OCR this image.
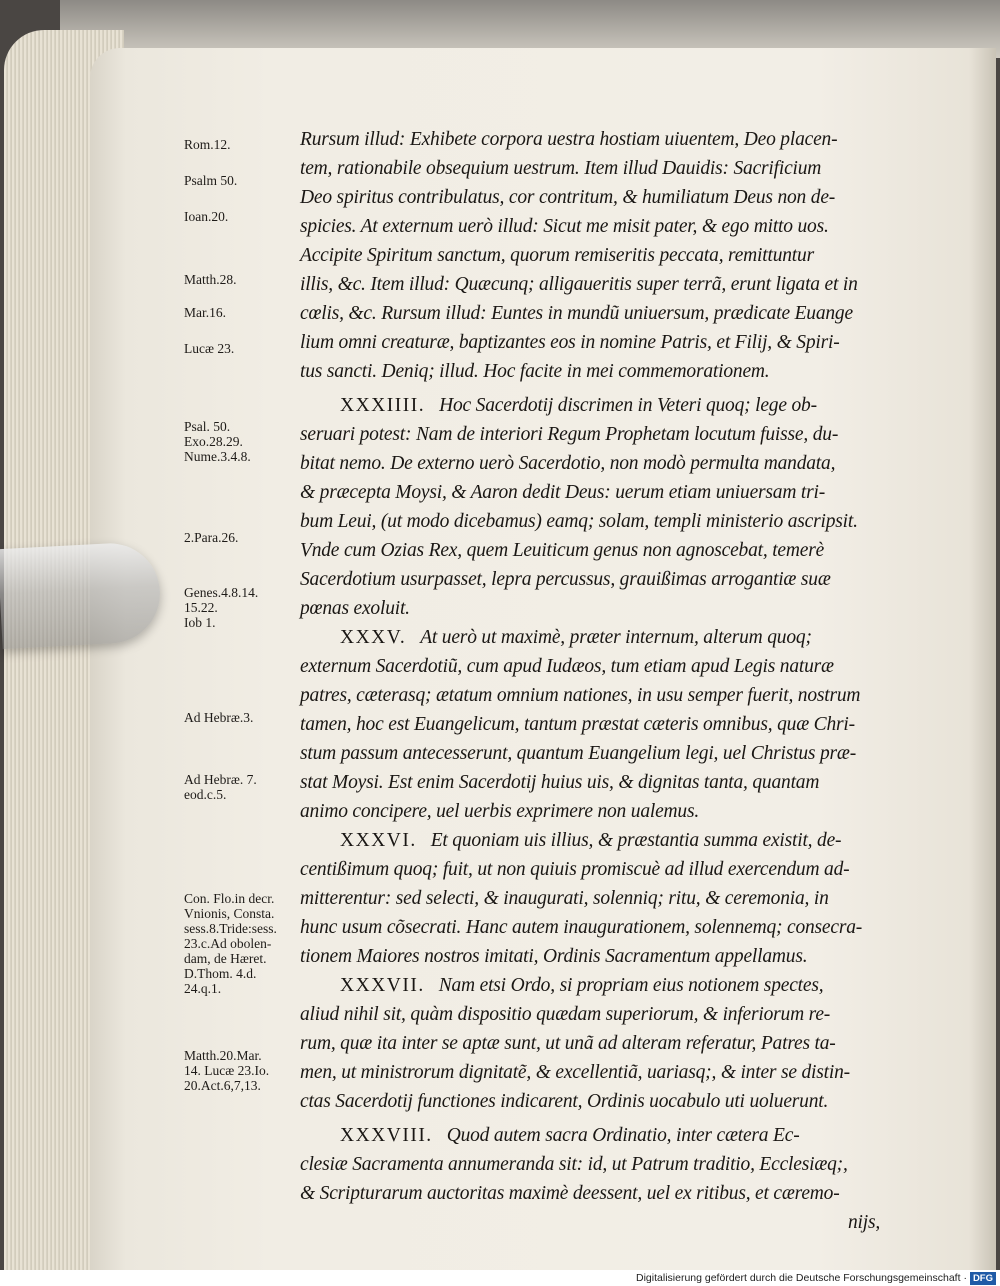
Rom.12.
Psalm 50.
Ioan.20.
Matth.28.
Mar.16.
Lucæ 23.
Psal. 50.
Exo.28.29.
Nume.3.4.8.
2.Para.26.
Genes.4.8.14.
15.22.
Iob 1.
Ad Hebræ.3.
Ad Hebræ. 7.
eod.c.5.
Con. Flo.in decr.
Vnionis, Consta.
sess.8.Tride:sess.
23.c.Ad obolen-
dam, de Hæret.
D.Thom. 4.d.
24.q.1.
Matth.20.Mar.
14. Lucæ 23.Io.
20.Act.6,7,13.
Rursum illud: Exhibete corpora uestra hostiam uiuentem, Deo placen-
tem, rationabile obsequium uestrum. Item illud Dauidis: Sacrificium
Deo spiritus contribulatus, cor contritum, & humiliatum Deus non de-
spicies. At externum uerò illud: Sicut me misit pater, & ego mitto uos.
Accipite Spiritum sanctum, quorum remiseritis peccata, remittuntur
illis, &c. Item illud: Quæcunq; alligaueritis super terrã, erunt ligata et in
cœlis, &c. Rursum illud: Euntes in mundũ uniuersum, prædicate Euange
lium omni creaturæ, baptizantes eos in nomine Patris, et Filij, & Spiri-
tus sancti. Deniq; illud. Hoc facite in mei commemorationem.
XXXIIII. Hoc Sacerdotij discrimen in Veteri quoq; lege ob-
seruari potest: Nam de interiori Regum Prophetam locutum fuisse, du-
bitat nemo. De externo uerò Sacerdotio, non modò permulta mandata,
& præcepta Moysi, & Aaron dedit Deus: uerum etiam uniuersam tri-
bum Leui, (ut modo dicebamus) eamq; solam, templi ministerio ascripsit.
Vnde cum Ozias Rex, quem Leuiticum genus non agnoscebat, temerè
Sacerdotium usurpasset, lepra percussus, grauißimas arrogantiæ suæ
pœnas exoluit.
XXXV. At uerò ut maximè, præter internum, alterum quoq;
externum Sacerdotiũ, cum apud Iudæos, tum etiam apud Legis naturæ
patres, cæterasq; ætatum omnium nationes, in usu semper fuerit, nostrum
tamen, hoc est Euangelicum, tantum præstat cæteris omnibus, quæ Chri-
stum passum antecesserunt, quantum Euangelium legi, uel Christus præ-
stat Moysi. Est enim Sacerdotij huius uis, & dignitas tanta, quantam
animo concipere, uel uerbis exprimere non ualemus.
XXXVI. Et quoniam uis illius, & præstantia summa existit, de-
centißimum quoq; fuit, ut non quiuis promiscuè ad illud exercendum ad-
mitterentur: sed selecti, & inaugurati, solenniq; ritu, & ceremonia, in
hunc usum cõsecrati. Hanc autem inaugurationem, solennemq; consecra-
tionem Maiores nostros imitati, Ordinis Sacramentum appellamus.
XXXVII. Nam etsi Ordo, si propriam eius notionem spectes,
aliud nihil sit, quàm dispositio quædam superiorum, & inferiorum re-
rum, quæ ita inter se aptæ sunt, ut unã ad alteram referatur, Patres ta-
men, ut ministrorum dignitatẽ, & excellentiã, uariasq;, & inter se distin-
ctas Sacerdotij functiones indicarent, Ordinis uocabulo uti uoluerunt.
XXXVIII. Quod autem sacra Ordinatio, inter cætera Ec-
clesiæ Sacramenta annumeranda sit: id, ut Patrum traditio, Ecclesiæq;,
& Scripturarum auctoritas maximè deessent, uel ex ritibus, et cæremo-
nijs,
Digitalisierung gefördert durch die Deutsche Forschungsgemeinschaft · DFG
